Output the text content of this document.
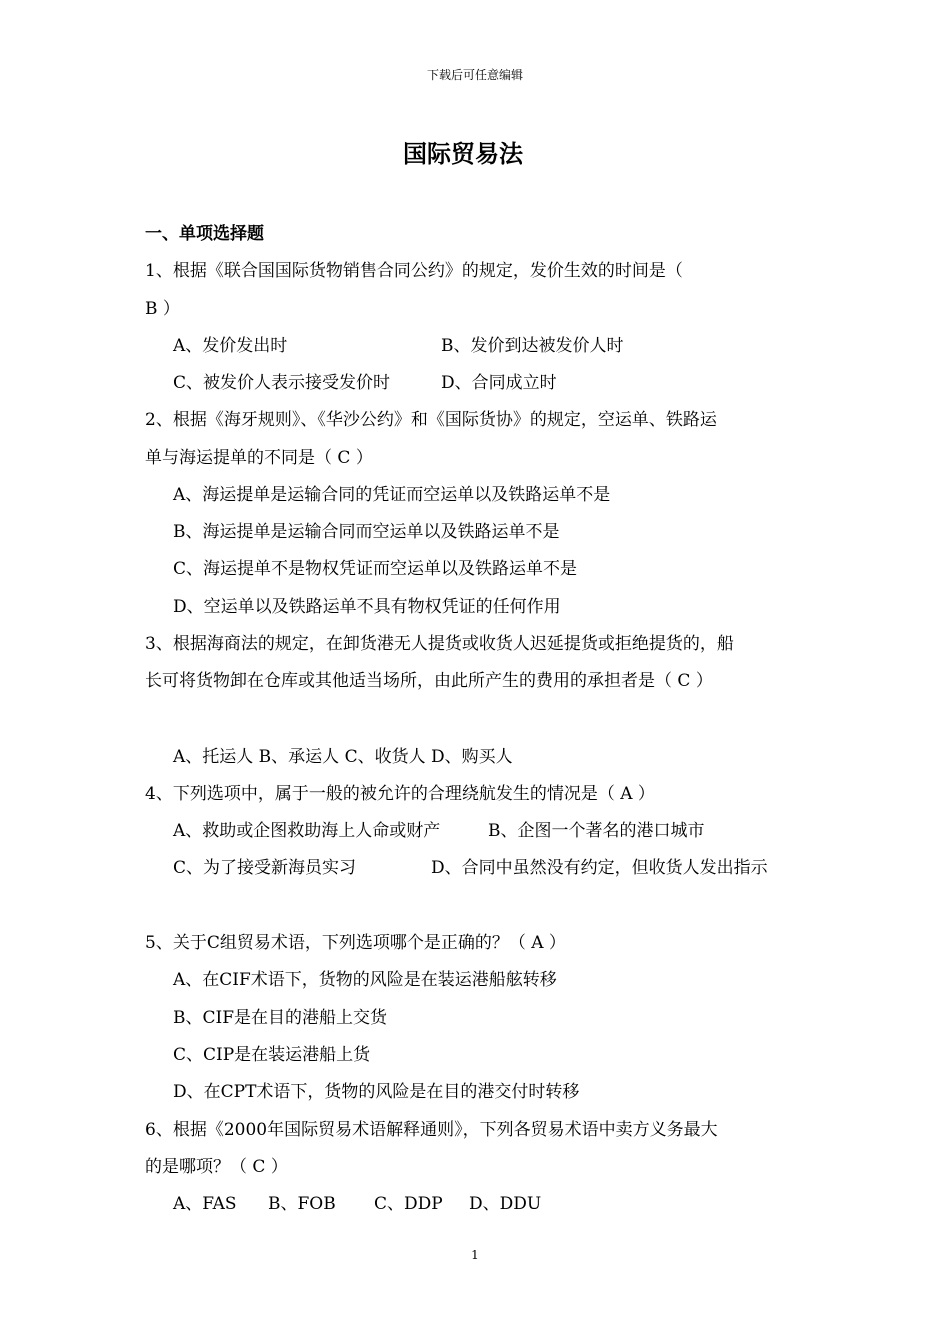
下载后可任意编辑
国际贸易法
一、单项选择题
1、根据《联合国国际货物销售合同公约》的规定，发价生效的时间是（
B ）
A、发价发出时	B、发价到达被发价人时
C、被发价人表示接受发价时	D、合同成立时
2、根据《海牙规则》、《华沙公约》和《国际货协》的规定，空运单、铁路运
单与海运提单的不同是（ C ）
A、海运提单是运输合同的凭证而空运单以及铁路运单不是
B、海运提单是运输合同而空运单以及铁路运单不是
C、海运提单不是物权凭证而空运单以及铁路运单不是
D、空运单以及铁路运单不具有物权凭证的任何作用
3、根据海商法的规定，在卸货港无人提货或收货人迟延提货或拒绝提货的，船
长可将货物卸在仓库或其他适当场所，由此所产生的费用的承担者是（ C ）
A、托运人 B、承运人 C、收货人 D、购买人
4、下列选项中，属于一般的被允许的合理绕航发生的情况是（ A ）
A、救助或企图救助海上人命或财产	B、企图一个著名的港口城市
C、为了接受新海员实习	D、合同中虽然没有约定，但收货人发出指示
5、关于C组贸易术语，下列选项哪个是正确的？（ A ）
A、在CIF术语下，货物的风险是在装运港船舷转移
B、CIF是在目的港船上交货
C、CIP是在装运港船上货
D、在CPT术语下，货物的风险是在目的港交付时转移
6、根据《2000年国际贸易术语解释通则》，下列各贸易术语中卖方义务最大
的是哪项？（ C ）
A、FAS B、FOB C、DDP D、DDU
1
